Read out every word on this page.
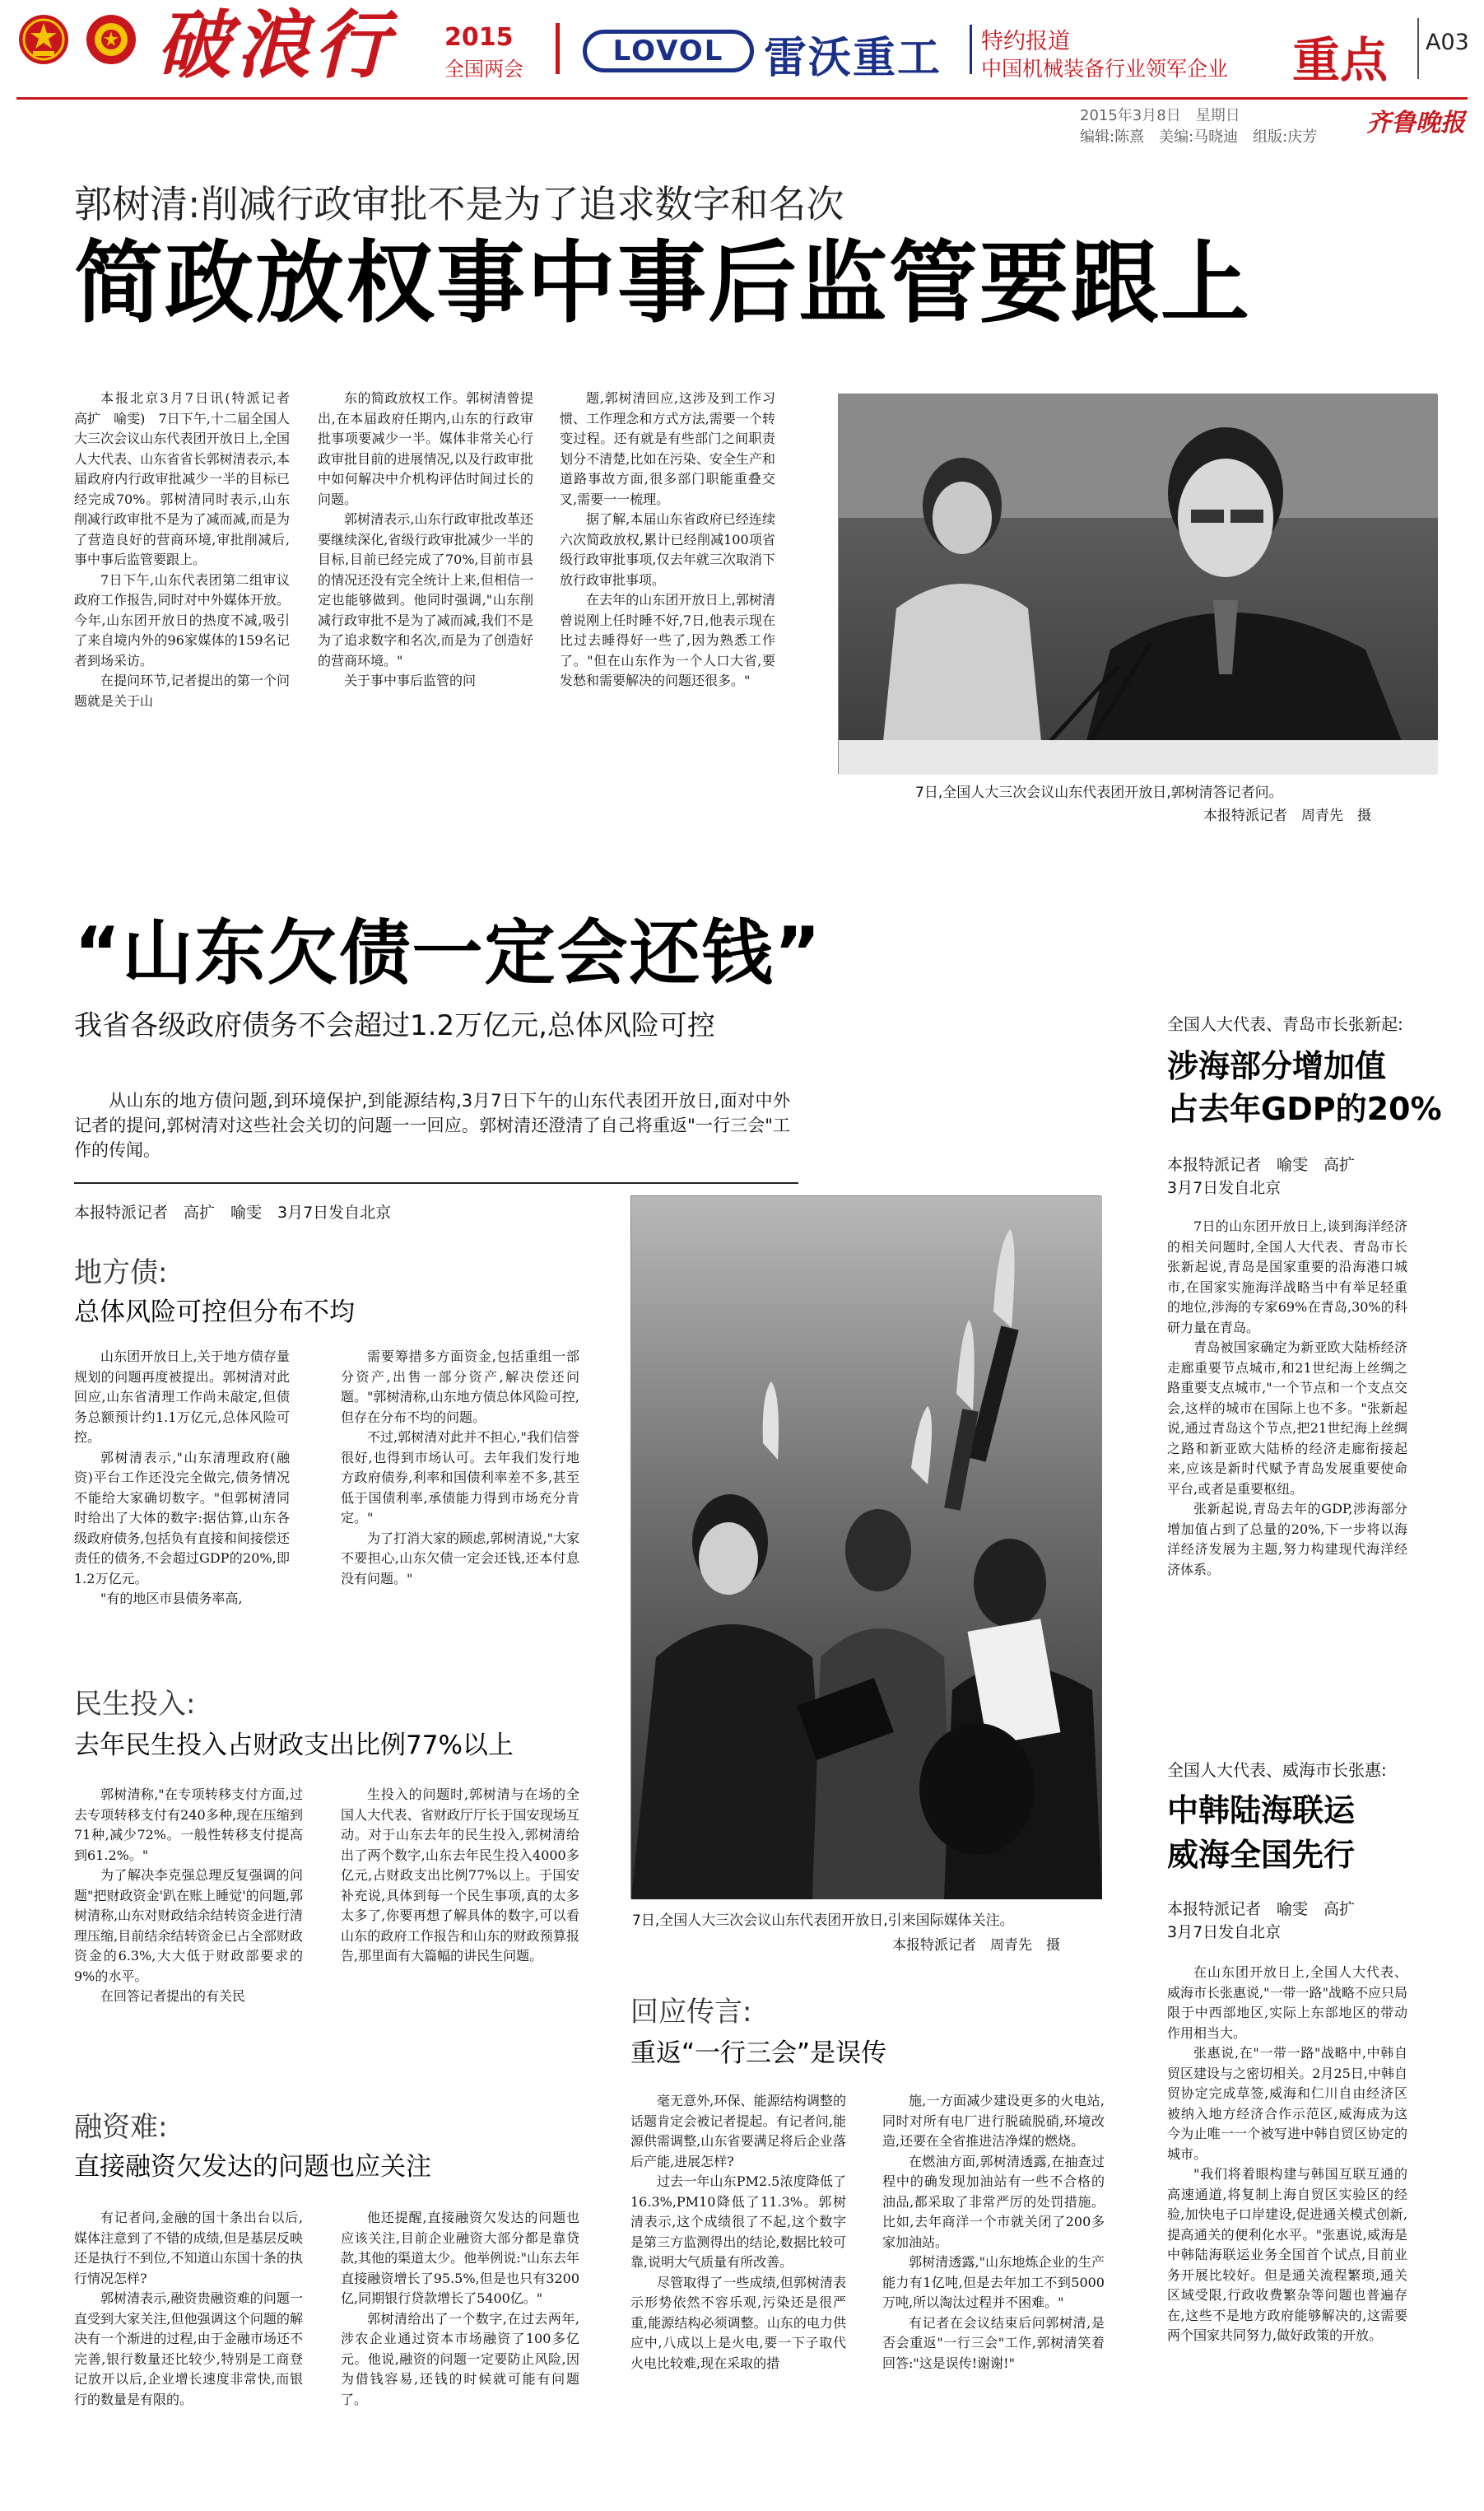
破浪行 2015
全国两会
LOVOL 雷沃重工 特约报道
中国机械装备行业领军企业 重点 A03
2015年3月8日　星期日	齐鲁晚报
编辑:陈熹　美编:马晓迪　组版:庆芳
郭树清:削减行政审批不是为了追求数字和名次
简政放权事中事后监管要跟上

本报北京3月7日讯(特派记者　高扩　喻雯)　7日下午,十二届全国人大三次会议山东代表团开放日上,全国人大代表、山东省省长郭树清表示,本届政府内行政审批减少一半的目标已经完成70%。郭树清同时表示,山东削减行政审批不是为了减而减,而是为了营造良好的营商环境,审批削减后,事中事后监管要跟上。

7日下午,山东代表团第二组审议政府工作报告,同时对中外媒体开放。今年,山东团开放日的热度不减,吸引了来自境内外的96家媒体的159名记者到场采访。

在提问环节,记者提出的第一个问题就是关于山

东的简政放权工作。郭树清曾提出,在本届政府任期内,山东的行政审批事项要减少一半。媒体非常关心行政审批目前的进展情况,以及行政审批中如何解决中介机构评估时间过长的问题。

郭树清表示,山东行政审批改革还要继续深化,省级行政审批减少一半的目标,目前已经完成了70%,目前市县的情况还没有完全统计上来,但相信一定也能够做到。他同时强调,"山东削减行政审批不是为了减而减,我们不是为了追求数字和名次,而是为了创造好的营商环境。"

关于事中事后监管的问

题,郭树清回应,这涉及到工作习惯、工作理念和方式方法,需要一个转变过程。还有就是有些部门之间职责划分不清楚,比如在污染、安全生产和道路事故方面,很多部门职能重叠交叉,需要一一梳理。

据了解,本届山东省政府已经连续六次简政放权,累计已经削减100项省级行政审批事项,仅去年就三次取消下放行政审批事项。

在去年的山东团开放日上,郭树清曾说刚上任时睡不好,7日,他表示现在比过去睡得好一些了,因为熟悉工作了。"但在山东作为一个人口大省,要发愁和需要解决的问题还很多。"

7日,全国人大三次会议山东代表团开放日,郭树清答记者问。
本报特派记者　周青先　摄
“山东欠债一定会还钱”
我省各级政府债务不会超过1.2万亿元,总体风险可控
从山东的地方债问题,到环境保护,到能源结构,3月7日下午的山东代表团开放日,面对中外记者的提问,郭树清对这些社会关切的问题一一回应。郭树清还澄清了自己将重返"一行三会"工作的传闻。
本报特派记者　高扩　喻雯　3月7日发自北京
地方债:
总体风险可控但分布不均

山东团开放日上,关于地方债存量规划的问题再度被提出。郭树清对此回应,山东省清理工作尚未敲定,但债务总额预计约1.1万亿元,总体风险可控。

郭树清表示,"山东清理政府(融资)平台工作还没完全做完,债务情况不能给大家确切数字。"但郭树清同时给出了大体的数字:据估算,山东各级政府债务,包括负有直接和间接偿还责任的债务,不会超过GDP的20%,即1.2万亿元。

"有的地区市县债务率高,

需要筹措多方面资金,包括重组一部分资产,出售一部分资产,解决偿还问题。"郭树清称,山东地方债总体风险可控,但存在分布不均的问题。

不过,郭树清对此并不担心,"我们信誉很好,也得到市场认可。去年我们发行地方政府债券,利率和国债利率差不多,甚至低于国债利率,承债能力得到市场充分肯定。"

为了打消大家的顾虑,郭树清说,"大家不要担心,山东欠债一定会还钱,还本付息没有问题。"

民生投入:
去年民生投入占财政支出比例77%以上

郭树清称,"在专项转移支付方面,过去专项转移支付有240多种,现在压缩到71种,减少72%。一般性转移支付提高到61.2%。"

为了解决李克强总理反复强调的问题"把财政资金'趴在账上睡觉'的问题,郭树清称,山东对财政结余结转资金进行清理压缩,目前结余结转资金已占全部财政资金的6.3%,大大低于财政部要求的9%的水平。

在回答记者提出的有关民

生投入的问题时,郭树清与在场的全国人大代表、省财政厅厅长于国安现场互动。对于山东去年的民生投入,郭树清给出了两个数字,山东去年民生投入4000多亿元,占财政支出比例77%以上。于国安补充说,具体到每一个民生事项,真的太多太多了,你要再想了解具体的数字,可以看山东的政府工作报告和山东的财政预算报告,那里面有大篇幅的讲民生问题。

融资难:
直接融资欠发达的问题也应关注

有记者问,金融的国十条出台以后,媒体注意到了不错的成绩,但是基层反映还是执行不到位,不知道山东国十条的执行情况怎样?

郭树清表示,融资贵融资难的问题一直受到大家关注,但他强调这个问题的解决有一个渐进的过程,由于金融市场还不完善,银行数量还比较少,特别是工商登记放开以后,企业增长速度非常快,而银行的数量是有限的。

他还提醒,直接融资欠发达的问题也应该关注,目前企业融资大部分都是靠贷款,其他的渠道太少。他举例说:"山东去年直接融资增长了95.5%,但是也只有3200亿,同期银行贷款增长了5400亿。"

郭树清给出了一个数字,在过去两年,涉农企业通过资本市场融资了100多亿元。他说,融资的问题一定要防止风险,因为借钱容易,还钱的时候就可能有问题了。

7日,全国人大三次会议山东代表团开放日,引来国际媒体关注。
本报特派记者　周青先　摄
回应传言:
重返“一行三会”是误传

毫无意外,环保、能源结构调整的话题肯定会被记者提起。有记者问,能源供需调整,山东省要满足将后企业落后产能,进展怎样?

过去一年山东PM2.5浓度降低了16.3%,PM10降低了11.3%。郭树清表示,这个成绩很了不起,这个数字是第三方监测得出的结论,数据比较可靠,说明大气质量有所改善。

尽管取得了一些成绩,但郭树清表示形势依然不容乐观,污染还是很严重,能源结构必须调整。山东的电力供应中,八成以上是火电,要一下子取代火电比较难,现在采取的措

施,一方面减少建设更多的火电站,同时对所有电厂进行脱硫脱硝,环境改造,还要在全省推进洁净煤的燃烧。

在燃油方面,郭树清透露,在抽查过程中的确发现加油站有一些不合格的油品,都采取了非常严厉的处罚措施。比如,去年商洋一个市就关闭了200多家加油站。

郭树清透露,"山东地炼企业的生产能力有1亿吨,但是去年加工不到5000万吨,所以淘汰过程并不困难。"

有记者在会议结束后问郭树清,是否会重返"一行三会"工作,郭树清笑着回答:"这是误传!谢谢!"

全国人大代表、青岛市长张新起:
涉海部分增加值
占去年GDP的20%
本报特派记者　喻雯　高扩
3月7日发自北京

7日的山东团开放日上,谈到海洋经济的相关问题时,全国人大代表、青岛市长张新起说,青岛是国家重要的沿海港口城市,在国家实施海洋战略当中有举足轻重的地位,涉海的专家69%在青岛,30%的科研力量在青岛。

青岛被国家确定为新亚欧大陆桥经济走廊重要节点城市,和21世纪海上丝绸之路重要支点城市,"一个节点和一个支点交会,这样的城市在国际上也不多。"张新起说,通过青岛这个节点,把21世纪海上丝绸之路和新亚欧大陆桥的经济走廊衔接起来,应该是新时代赋予青岛发展重要使命平台,或者是重要枢纽。

张新起说,青岛去年的GDP,涉海部分增加值占到了总量的20%,下一步将以海洋经济发展为主题,努力构建现代海洋经济体系。

全国人大代表、威海市长张惠:
中韩陆海联运
威海全国先行
本报特派记者　喻雯　高扩
3月7日发自北京

在山东团开放日上,全国人大代表、威海市长张惠说,"一带一路"战略不应只局限于中西部地区,实际上东部地区的带动作用相当大。

张惠说,在"一带一路"战略中,中韩自贸区建设与之密切相关。2月25日,中韩自贸协定完成草签,威海和仁川自由经济区被纳入地方经济合作示范区,威海成为这今为止唯一一个被写进中韩自贸区协定的城市。

"我们将着眼构建与韩国互联互通的高速通道,将复制上海自贸区实验区的经验,加快电子口岸建设,促进通关模式创新,提高通关的便利化水平。"张惠说,威海是中韩陆海联运业务全国首个试点,目前业务开展比较好。但是通关流程繁琐,通关区域受限,行政收费繁杂等问题也普遍存在,这些不是地方政府能够解决的,这需要两个国家共同努力,做好政策的开放。
